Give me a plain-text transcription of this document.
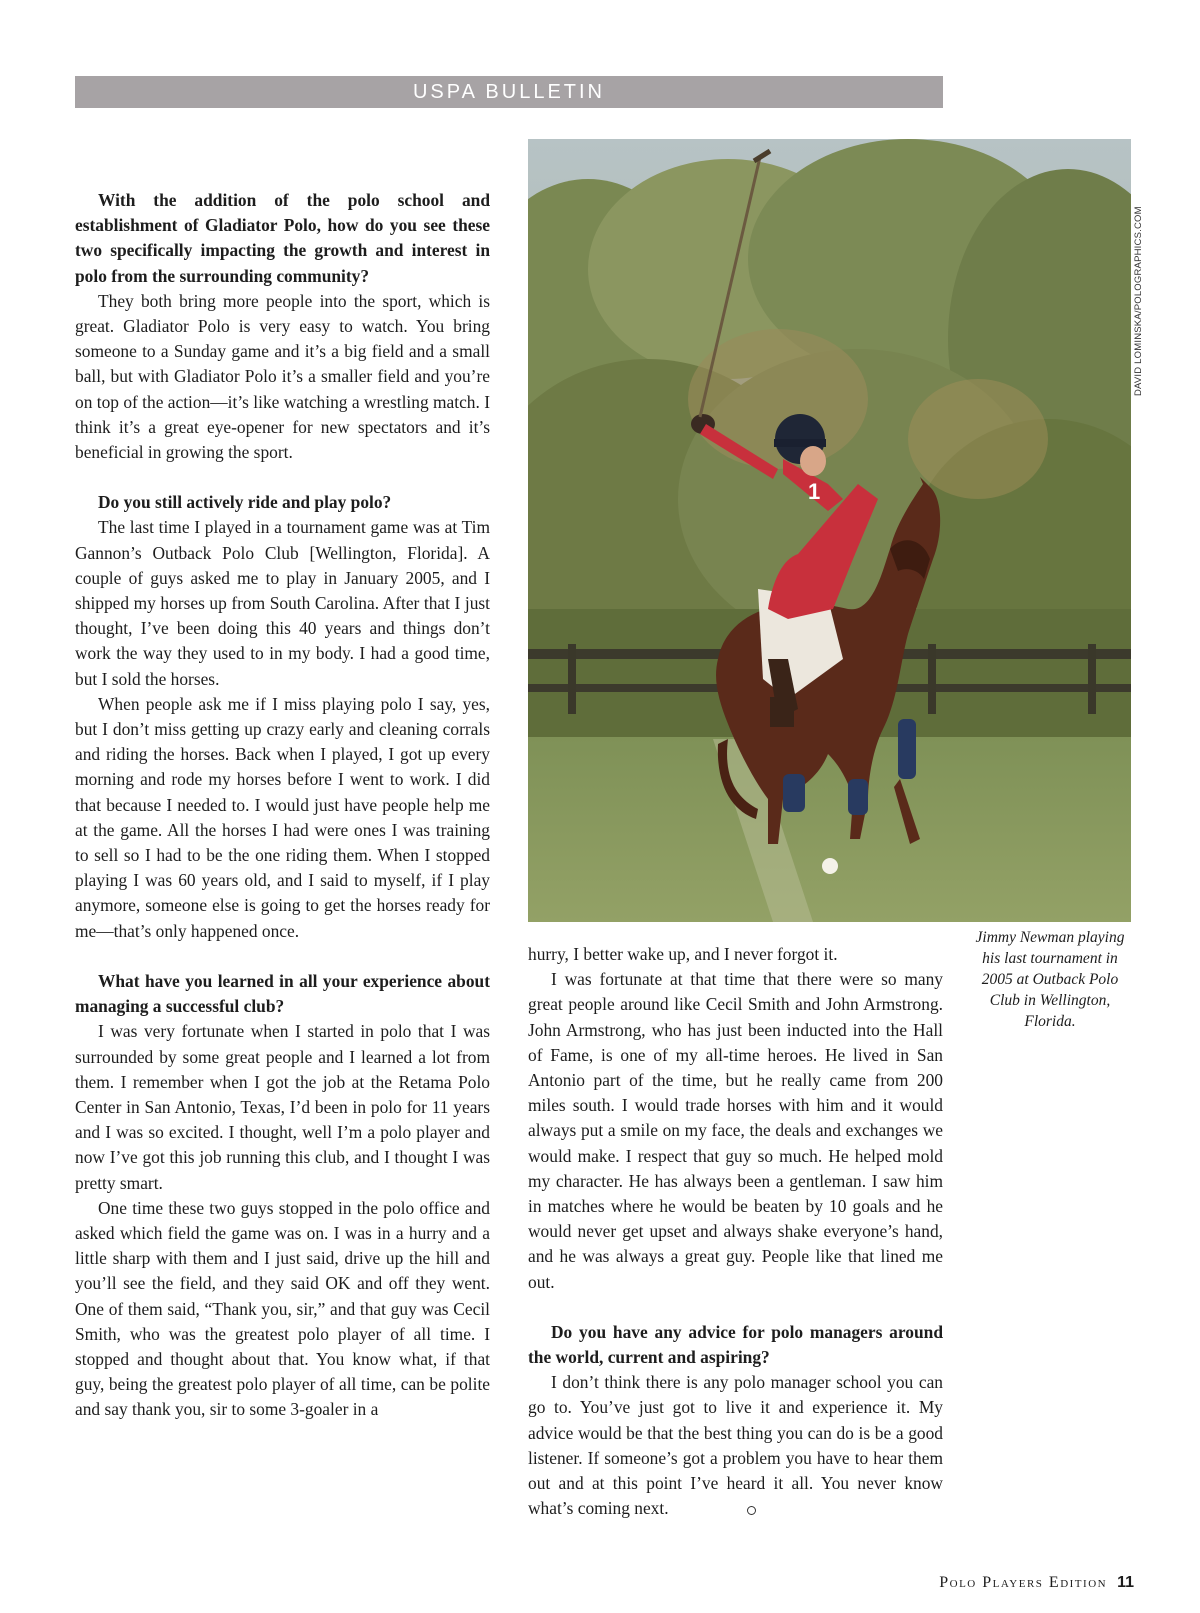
USPA BULLETIN

With the addition of the polo school and establishment of Gladiator Polo, how do you see these two specifically impacting the growth and interest in polo from the surrounding community?

They both bring more people into the sport, which is great. Gladiator Polo is very easy to watch. You bring someone to a Sunday game and it’s a big field and a small ball, but with Gladiator Polo it’s a smaller field and you’re on top of the action—it’s like watching a wrestling match. I think it’s a great eye-opener for new spectators and it’s beneficial in growing the sport.

Do you still actively ride and play polo?

The last time I played in a tournament game was at Tim Gannon’s Outback Polo Club [Wellington, Florida]. A couple of guys asked me to play in January 2005, and I shipped my horses up from South Carolina. After that I just thought, I’ve been doing this 40 years and things don’t work the way they used to in my body. I had a good time, but I sold the horses.

When people ask me if I miss playing polo I say, yes, but I don’t miss getting up crazy early and cleaning corrals and riding the horses. Back when I played, I got up every morning and rode my horses before I went to work. I did that because I needed to. I would just have people help me at the game. All the horses I had were ones I was training to sell so I had to be the one riding them. When I stopped playing I was 60 years old, and I said to myself, if I play anymore, someone else is going to get the horses ready for me—that’s only happened once.

What have you learned in all your experience about managing a successful club?

I was very fortunate when I started in polo that I was surrounded by some great people and I learned a lot from them. I remember when I got the job at the Retama Polo Center in San Antonio, Texas, I’d been in polo for 11 years and I was so excited. I thought, well I’m a polo player and now I’ve got this job running this club, and I thought I was pretty smart.

One time these two guys stopped in the polo office and asked which field the game was on. I was in a hurry and a little sharp with them and I just said, drive up the hill and you’ll see the field, and they said OK and off they went. One of them said, “Thank you, sir,” and that guy was Cecil Smith, who was the greatest polo player of all time. I stopped and thought about that. You know what, if that guy, being the greatest polo player of all time, can be polite and say thank you, sir to some 3-goaler in a

1
DAVID LOMINSKA/POLOGRAPHICS.COM
Jimmy Newman playing his last tournament in 2005 at Outback Polo Club in Wellington, Florida.

hurry, I better wake up, and I never forgot it.

I was fortunate at that time that there were so many great people around like Cecil Smith and John Armstrong. John Armstrong, who has just been inducted into the Hall of Fame, is one of my all-time heroes. He lived in San Antonio part of the time, but he really came from 200 miles south. I would trade horses with him and it would always put a smile on my face, the deals and exchanges we would make. I respect that guy so much. He helped mold my character. He has always been a gentleman. I saw him in matches where he would be beaten by 10 goals and he would never get upset and always shake everyone’s hand, and he was always a great guy. People like that lined me out.

Do you have any advice for polo managers around the world, current and aspiring?

I don’t think there is any polo manager school you can go to. You’ve just got to live it and experience it. My advice would be that the best thing you can do is be a good listener. If someone’s got a problem you have to hear them out and at this point I’ve heard it all. You never know what’s coming next.

Polo Players Edition 11
